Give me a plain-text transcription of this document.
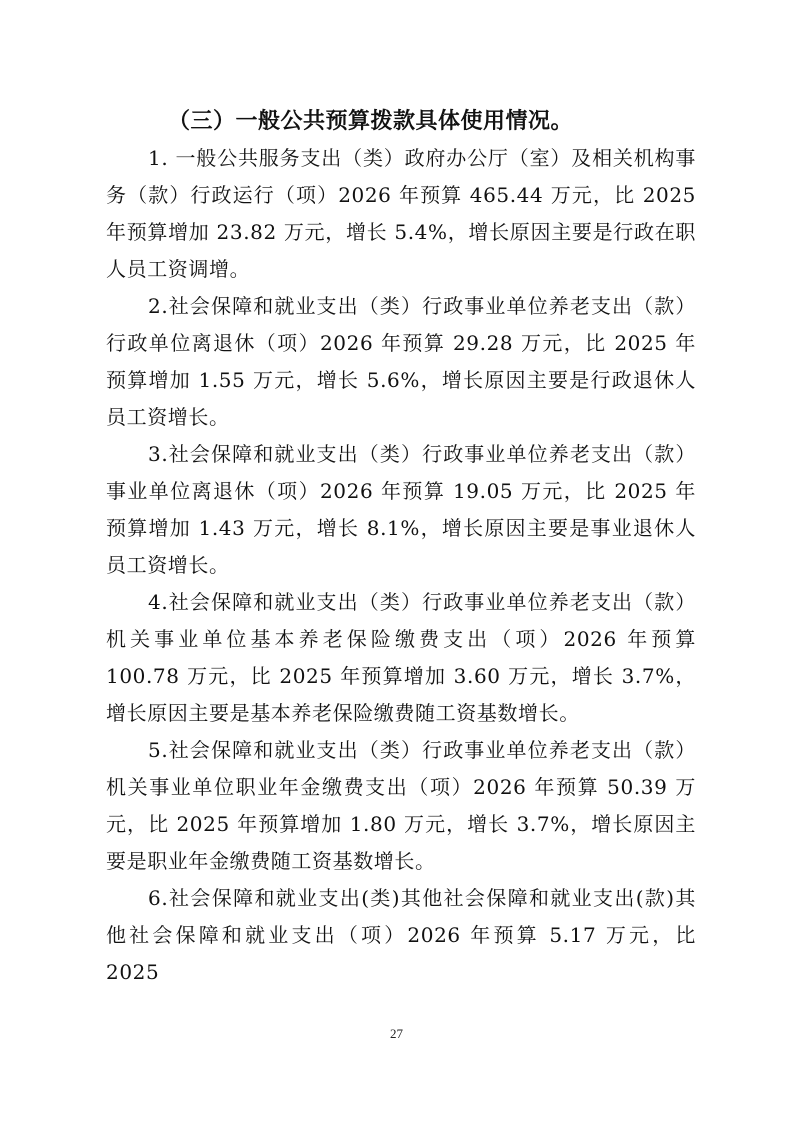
（三）一般公共预算拨款具体使用情况。

1. 一般公共服务支出（类）政府办公厅（室）及相关机构事务（款）行政运行（项）2026 年预算 465.44 万元，比 2025 年预算增加 23.82 万元，增长 5.4%，增长原因主要是行政在职人员工资调增。

2.社会保障和就业支出（类）行政事业单位养老支出（款）行政单位离退休（项）2026 年预算 29.28 万元，比 2025 年预算增加 1.55 万元，增长 5.6%，增长原因主要是行政退休人员工资增长。

3.社会保障和就业支出（类）行政事业单位养老支出（款）事业单位离退休（项）2026 年预算 19.05 万元，比 2025 年预算增加 1.43 万元，增长 8.1%，增长原因主要是事业退休人员工资增长。

4.社会保障和就业支出（类）行政事业单位养老支出（款）机关事业单位基本养老保险缴费支出（项）2026 年预算 100.78 万元，比 2025 年预算增加 3.60 万元，增长 3.7%，增长原因主要是基本养老保险缴费随工资基数增长。

5.社会保障和就业支出（类）行政事业单位养老支出（款）机关事业单位职业年金缴费支出（项）2026 年预算 50.39 万元，比 2025 年预算增加 1.80 万元，增长 3.7%，增长原因主要是职业年金缴费随工资基数增长。

6.社会保障和就业支出(类)其他社会保障和就业支出(款)其他社会保障和就业支出（项）2026 年预算 5.17 万元，比 2025

27
